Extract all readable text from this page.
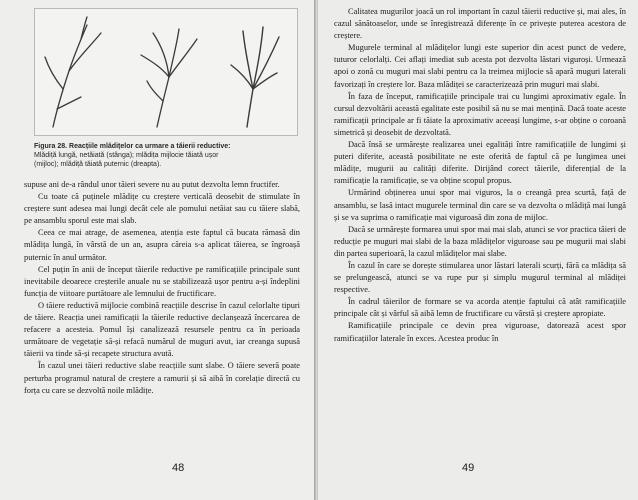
Figura 28. Reacțiile mlădițelor ca urmare a tăierii reductive:

Mlădiță lungă, netăiată (stânga); mlădița mijlocie tăiată ușor

(mijloc); mlădiță tăiată puternic (dreapta).

supuse ani de-a rândul unor tăieri severe nu au putut dezvolta lemn fructifer.

Cu toate că puținele mlădițe cu creștere verticală deosebit de stimulate în creștere sunt adesea mai lungi decât cele ale pomului netăiat sau cu tăiere slabă, pe ansamblu sporul este mai slab.

Ceea ce mai atrage, de asemenea, atenția este faptul că bucata rămasă din mlădița lungă, în vârstă de un an, asupra căreia s-a aplicat tăierea, se îngroașă puternic în anul următor.

Cel puțin în anii de început tăierile reductive pe ramificațiile principale sunt inevitabile deoarece creșterile anuale nu se stabilizează ușor pentru a-și îndeplini funcția de viitoare purtătoare ale lemnului de fructificare.

O tăiere reductivă mijlocie combină reacțiile descrise în cazul celorlalte tipuri de tăiere. Reacția unei ramificații la tăierile reductive declanșează încercarea de refacere a acesteia. Pomul își canalizează resursele pentru ca în perioada următoare de vegetație să-și refacă numărul de muguri avut, iar creanga supusă tăierii va tinde să-și recapete structura avută.

În cazul unei tăieri reductive slabe reacțiile sunt slabe. O tăiere severă poate perturba programul natural de creștere a ramurii și să aibă în corelație directă cu forța cu care se dezvoltă noile mlădițe.

48

Calitatea mugurilor joacă un rol important în cazul tăierii reductive și, mai ales, în cazul sănătoaselor, unde se înregistrează diferențe în ce privește puterea acestora de creștere.

Mugurele terminal al mlădițelor lungi este superior din acest punct de vedere, tuturor celorlalți. Cei aflați imediat sub acesta pot dezvolta lăstari viguroși. Urmează apoi o zonă cu muguri mai slabi pentru ca la treimea mijlocie să apară muguri laterali favorizați în creștere lor. Baza mlădiței se caracterizează prin muguri mai slabi.

În faza de început, ramificațiile principale trai cu lungimi aproximativ egale. În cursul dezvoltării această egalitate este posibil să nu se mai mențină. Dacă toate aceste ramificații principale ar fi tăiate la aproximativ aceeași lungime, s-ar obține o coroană simetrică și deosebit de dezvoltată.

Dacă însă se urmărește realizarea unei egalități între ramificațiile de lungimi și puteri diferite, această posibilitate ne este oferită de faptul că pe lungimea unei mlădițe, mugurii au calități diferite. Dirijând corect tăierile, diferențial de la ramificație la ramificație, se va obține scopul propus.

Urmărind obținerea unui spor mai viguros, la o creangă prea scurtă, față de ansamblu, se lasă intact mugurele terminal din care se va dezvolta o mlădiță mai lungă și se va suprima o ramificație mai viguroasă din zona de mijloc.

Dacă se urmărește formarea unui spor mai mai slab, atunci se vor practica tăieri de reducție pe muguri mai slabi de la baza mlădițelor viguroase sau pe mugurii mai slabi din partea superioară, la cazul mlădițelor mai slabe.

În cazul în care se dorește stimularea unor lăstari laterali scurți, fără ca mlădița să se prelungească, atunci se va rupe pur și simplu mugurul terminal al mlădiței respective.

În cadrul tăierilor de formare se va acorda atenție faptului că atât ramificațiile principale cât și vârful să aibă lemn de fructificare cu vârstă și creștere apropiate.

Ramificațiile principale ce devin prea viguroase, datorează acest spor ramificațiilor laterale în exces. Acestea produc în

49
